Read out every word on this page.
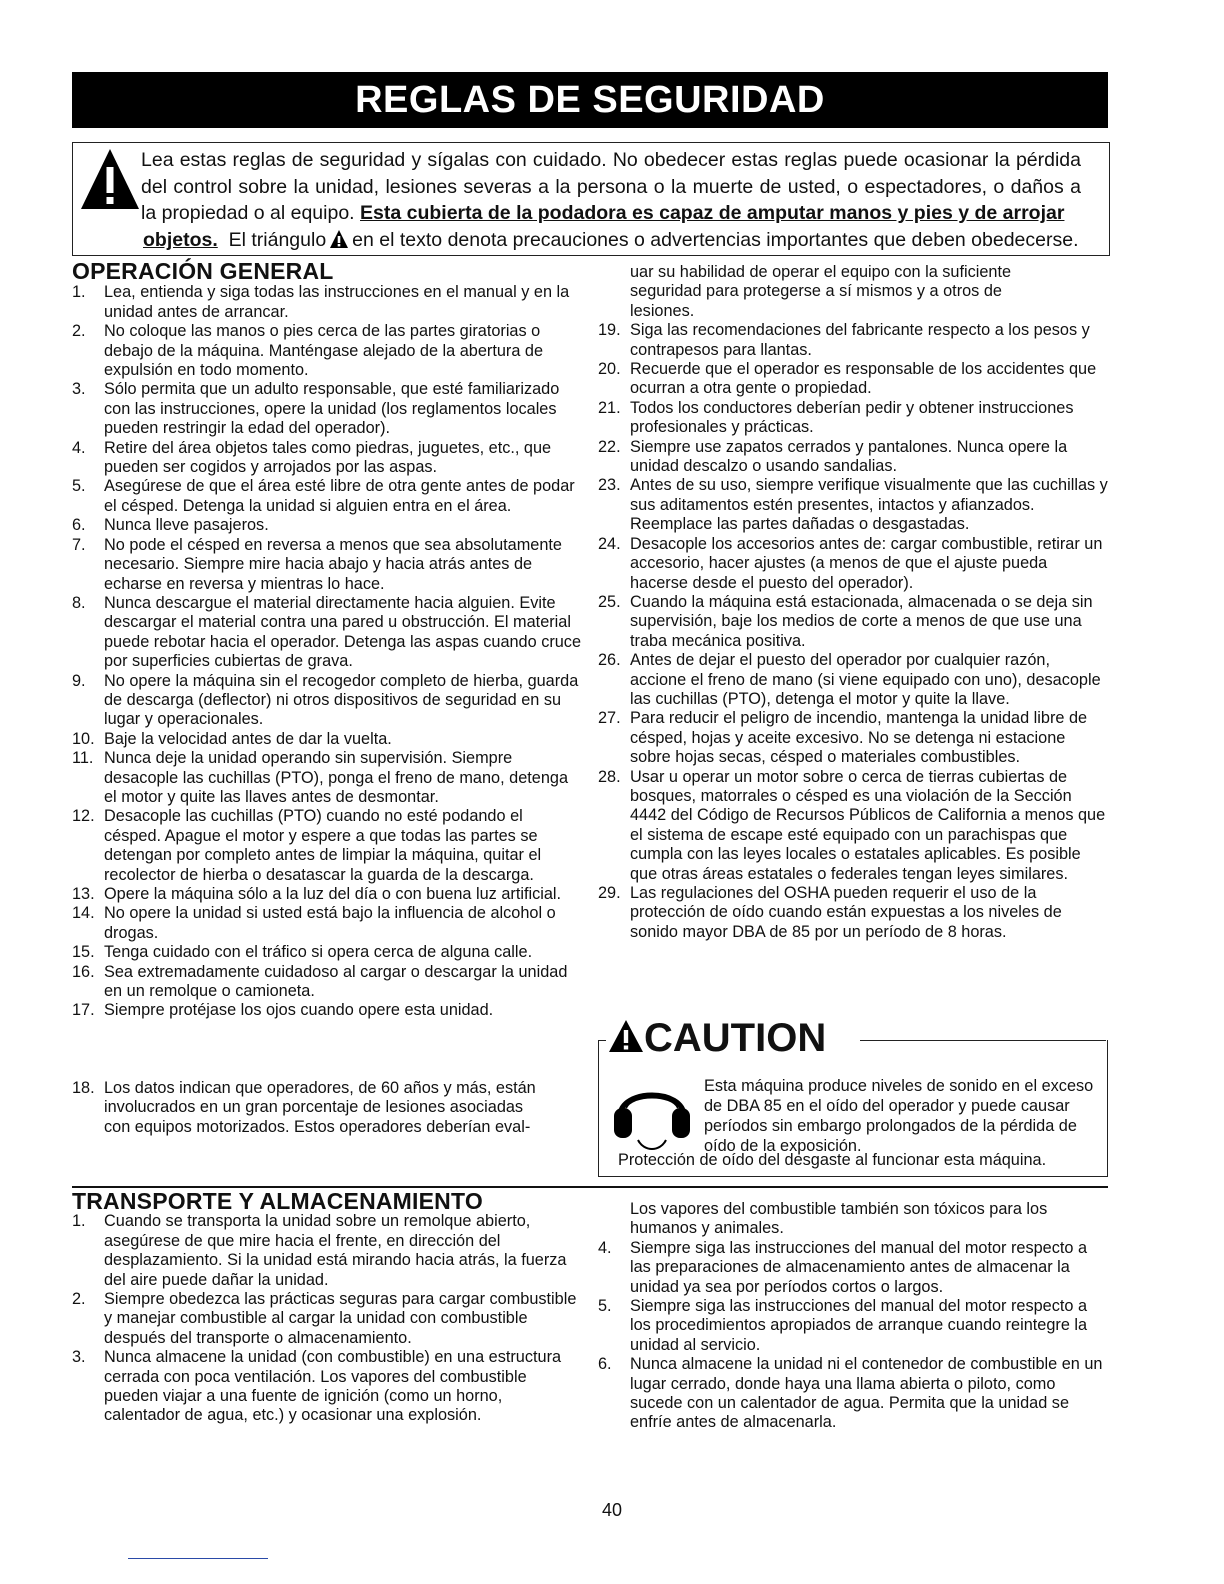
REGLAS DE SEGURIDAD

Lea estas reglas de seguridad y sígalas con cuidado. No obedecer estas reglas puede ocasionar la pérdida del control sobre la unidad, lesiones severas a la persona o la muerte de usted, o espectadores, o daños a la propiedad o al equipo. Esta cubierta de la podadora es capaz de amputar manos y pies y de arrojar

objetos. El triángulo en el texto denota precauciones o advertencias importantes que deben obedecerse.
OPERACIÓN GENERAL
1.	Lea, entienda y siga todas las instrucciones en el manual y en la unidad antes de arrancar.
2.	No coloque las manos o pies cerca de las partes giratorias o debajo de la máquina. Manténgase alejado de la abertura de expulsión en todo momento.
3.	Sólo permita que un adulto responsable, que esté familiarizado con las instrucciones, opere la unidad (los reglamentos locales pueden restringir la edad del operador).
4.	Retire del área objetos tales como piedras, juguetes, etc., que pueden ser cogidos y arrojados por las aspas.
5.	Asegúrese de que el área esté libre de otra gente antes de podar el césped. Detenga la unidad si alguien entra en el área.
6.	Nunca lleve pasajeros.
7.	No pode el césped en reversa a menos que sea absolutamente necesario. Siempre mire hacia abajo y hacia atrás antes de echarse en reversa y mientras lo hace.
8.	Nunca descargue el material directamente hacia alguien. Evite descargar el material contra una pared u obstrucción. El material puede rebotar hacia el operador. Detenga las aspas cuando cruce por superficies cubiertas de grava.
9.	No opere la máquina sin el recogedor completo de hierba, guarda de descarga (deflector) ni otros dispositivos de seguridad en su lugar y operacionales.
10. Baje la velocidad antes de dar la vuelta.
11. Nunca deje la unidad operando sin supervisión. Siempre desacople las cuchillas (PTO), ponga el freno de mano, detenga el motor y quite las llaves antes de desmontar.
12. Desacople las cuchillas (PTO) cuando no esté podando el césped. Apague el motor y espere a que todas las partes se detengan por completo antes de limpiar la máquina, quitar el recolector de hierba o desatascar la guarda de la descarga.
13. Opere la máquina sólo a la luz del día o con buena luz artificial.
14. No opere la unidad si usted está bajo la influencia de alcohol o drogas.
15. Tenga cuidado con el tráfico si opera cerca de alguna calle.
16. Sea extremadamente cuidadoso al cargar o descargar la unidad en un remolque o camioneta.
17. Siempre protéjase los ojos cuando opere esta unidad.
18. Los datos indican que operadores, de 60 años y más, están
involucrados en un gran porcentaje de lesiones asociadas
con equipos motorizados. Estos operadores deberían eval-
uar su habilidad de operar el equipo con la suficiente
seguridad para protegerse a sí mismos y a otros de
lesiones.
19. Siga las recomendaciones del fabricante respecto a los pesos y contrapesos para llantas.
20. Recuerde que el operador es responsable de los accidentes que ocurran a otra gente o propiedad.
21. Todos los conductores deberían pedir y obtener instrucciones profesionales y prácticas.
22. Siempre use zapatos cerrados y pantalones. Nunca opere la unidad descalzo o usando sandalias.
23. Antes de su uso, siempre verifique visualmente que las cuchillas y sus aditamentos estén presentes, intactos y afianzados. Reemplace las partes dañadas o desgastadas.
24. Desacople los accesorios antes de: cargar combustible, retirar un accesorio, hacer ajustes (a menos de que el ajuste pueda hacerse desde el puesto del operador).
25. Cuando la máquina está estacionada, almacenada o se deja sin supervisión, baje los medios de corte a menos de que use una traba mecánica positiva.
26. Antes de dejar el puesto del operador por cualquier razón, accione el freno de mano (si viene equipado con uno), desacople las cuchillas (PTO), detenga el motor y quite la llave.
27. Para reducir el peligro de incendio, mantenga la unidad libre de césped, hojas y aceite excesivo. No se detenga ni estacione sobre hojas secas, césped o materiales combustibles.
28. Usar u operar un motor sobre o cerca de tierras cubiertas de bosques, matorrales o césped es una violación de la Sección 4442 del Código de Recursos Públicos de California a menos que el sistema de escape esté equipado con un parachispas que cumpla con las leyes locales o estatales aplicables. Es posible que otras áreas estatales o federales tengan leyes similares.
29. Las regulaciones del OSHA pueden requerir el uso de la protección de oído cuando están expuestas a los niveles de sonido mayor DBA de 85 por un período de 8 horas.
CAUTION
Esta máquina produce niveles de sonido en el exceso de DBA 85 en el oído del operador y puede causar períodos sin embargo prolongados de la pérdida de oído de la exposición.
Protección de oído del desgaste al funcionar esta máquina.
TRANSPORTE Y ALMACENAMIENTO
1.	Cuando se transporta la unidad sobre un remolque abierto, asegúrese de que mire hacia el frente, en dirección del desplazamiento. Si la unidad está mirando hacia atrás, la fuerza del aire puede dañar la unidad.
2.	Siempre obedezca las prácticas seguras para cargar combustible y manejar combustible al cargar la unidad con combustible después del transporte o almacenamiento.
3.	Nunca almacene la unidad (con combustible) en una estructura cerrada con poca ventilación. Los vapores del combustible pueden viajar a una fuente de ignición (como un horno, calentador de agua, etc.) y ocasionar una explosión.
Los vapores del combustible también son tóxicos para los humanos y animales.
4.	Siempre siga las instrucciones del manual del motor respecto a las preparaciones de almacenamiento antes de almacenar la unidad ya sea por períodos cortos o largos.
5.	Siempre siga las instrucciones del manual del motor respecto a los procedimientos apropiados de arranque cuando reintegre la unidad al servicio.
6.	Nunca almacene la unidad ni el contenedor de combustible en un lugar cerrado, donde haya una llama abierta o piloto, como sucede con un calentador de agua. Permita que la unidad se enfríe antes de almacenarla.
40
